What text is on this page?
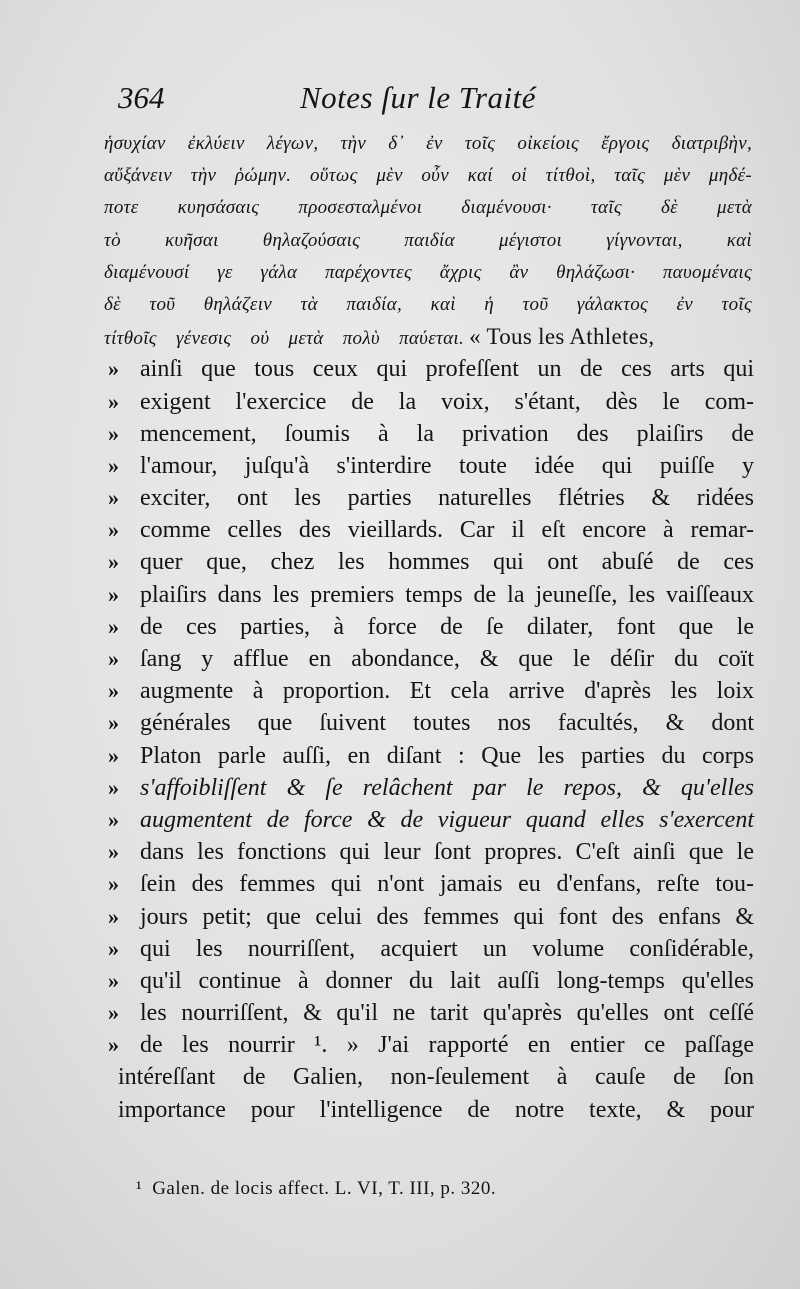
364	Notes ſur le Traité
ἡσυχίαν ἐκλύειν λέγων, τὴν δ᾽ ἐν τοῖς οἰκείοις ἔργοις διατριβὴν,
αὔξάνειν τὴν ῥώμην. οὕτως μὲν οὖν καί οἱ τίτθοὶ, ταῖς μὲν μηδέ-
ποτε κυησάσαις προσεσταλμένοι διαμένουσι· ταῖς δὲ μετὰ
τὸ κυῆσαι θηλαζούσαις παιδία μέγιστοι γίγνονται, καὶ
διαμένουσί γε γάλα παρέχοντες ἄχρις ἂν θηλάζωσι· παυομέναις
δὲ τοῦ θηλάζειν τὰ παιδία, καὶ ἡ τοῦ γάλακτος ἐν τοῖς
τίτθοῖς γένεσις οὐ μετὰ πολὺ παύεται. « Tous les Athletes,
» ainſi que tous ceux qui profeſſent un de ces arts qui
» exigent l'exercice de la voix, s'étant, dès le com-
» mencement, ſoumis à la privation des plaiſirs de
» l'amour, juſqu'à s'interdire toute idée qui puiſſe y
» exciter, ont les parties naturelles flétries & ridées
» comme celles des vieillards. Car il eſt encore à remar-
» quer que, chez les hommes qui ont abuſé de ces
» plaiſirs dans les premiers temps de la jeuneſſe, les vaiſſeaux
» de ces parties, à force de ſe dilater, font que le
» ſang y afflue en abondance, & que le déſir du coït
» augmente à proportion. Et cela arrive d'après les loix
» générales que ſuivent toutes nos facultés, & dont
» Platon parle auſſi, en diſant : Que les parties du corps
» s'affoibliſſent & ſe relâchent par le repos, & qu'elles
» augmentent de force & de vigueur quand elles s'exercent
» dans les fonctions qui leur ſont propres. C'eſt ainſi que le
» ſein des femmes qui n'ont jamais eu d'enfans, reſte tou-
» jours petit; que celui des femmes qui font des enfans &
» qui les nourriſſent, acquiert un volume conſidérable,
» qu'il continue à donner du lait auſſi long-temps qu'elles
» les nourriſſent, & qu'il ne tarit qu'après qu'elles ont ceſſé
» de les nourrir ¹. » J'ai rapporté en entier ce paſſage
intéreſſant de Galien, non-ſeulement à cauſe de ſon
importance pour l'intelligence de notre texte, & pour
¹ Galen. de locis affect. L. VI, T. III, p. 320.
